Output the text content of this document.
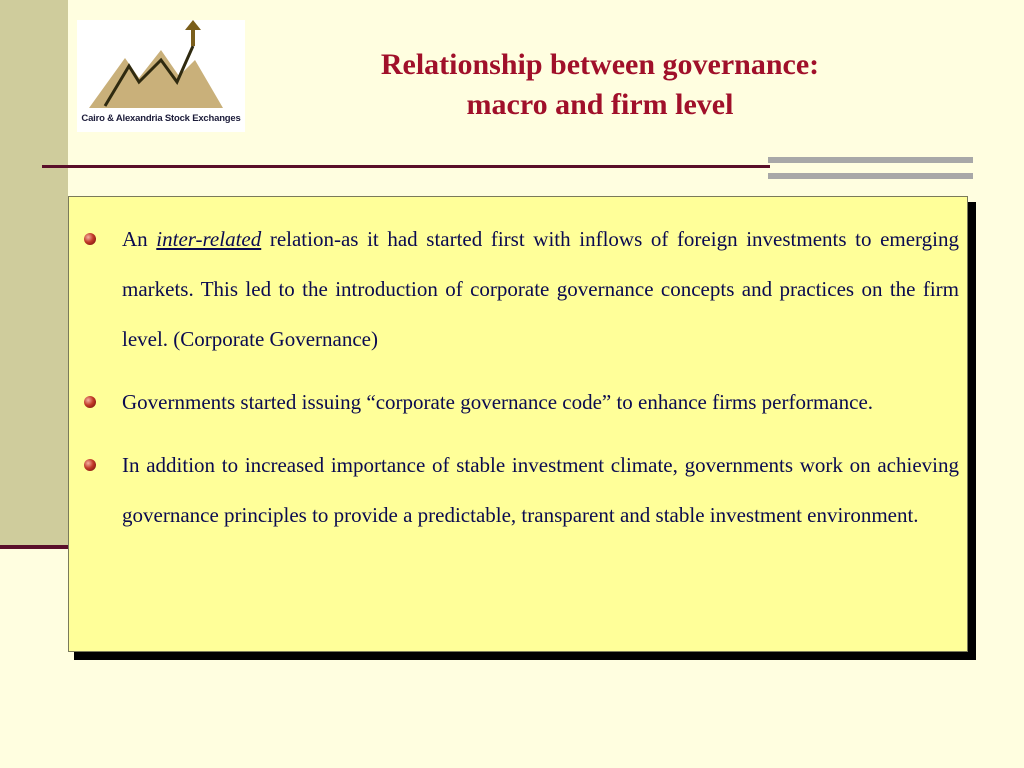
Cairo & Alexandria Stock Exchanges
Relationship between governance:
macro and firm level
An inter-related relation-as it had started first with inflows of foreign investments to emerging markets. This led to the introduction of corporate governance concepts and practices on the firm level. (Corporate Governance)
Governments started issuing “corporate governance code” to enhance firms performance.
In addition to increased importance of stable investment climate, governments work on achieving governance principles to provide a predictable, transparent and stable investment environment.
